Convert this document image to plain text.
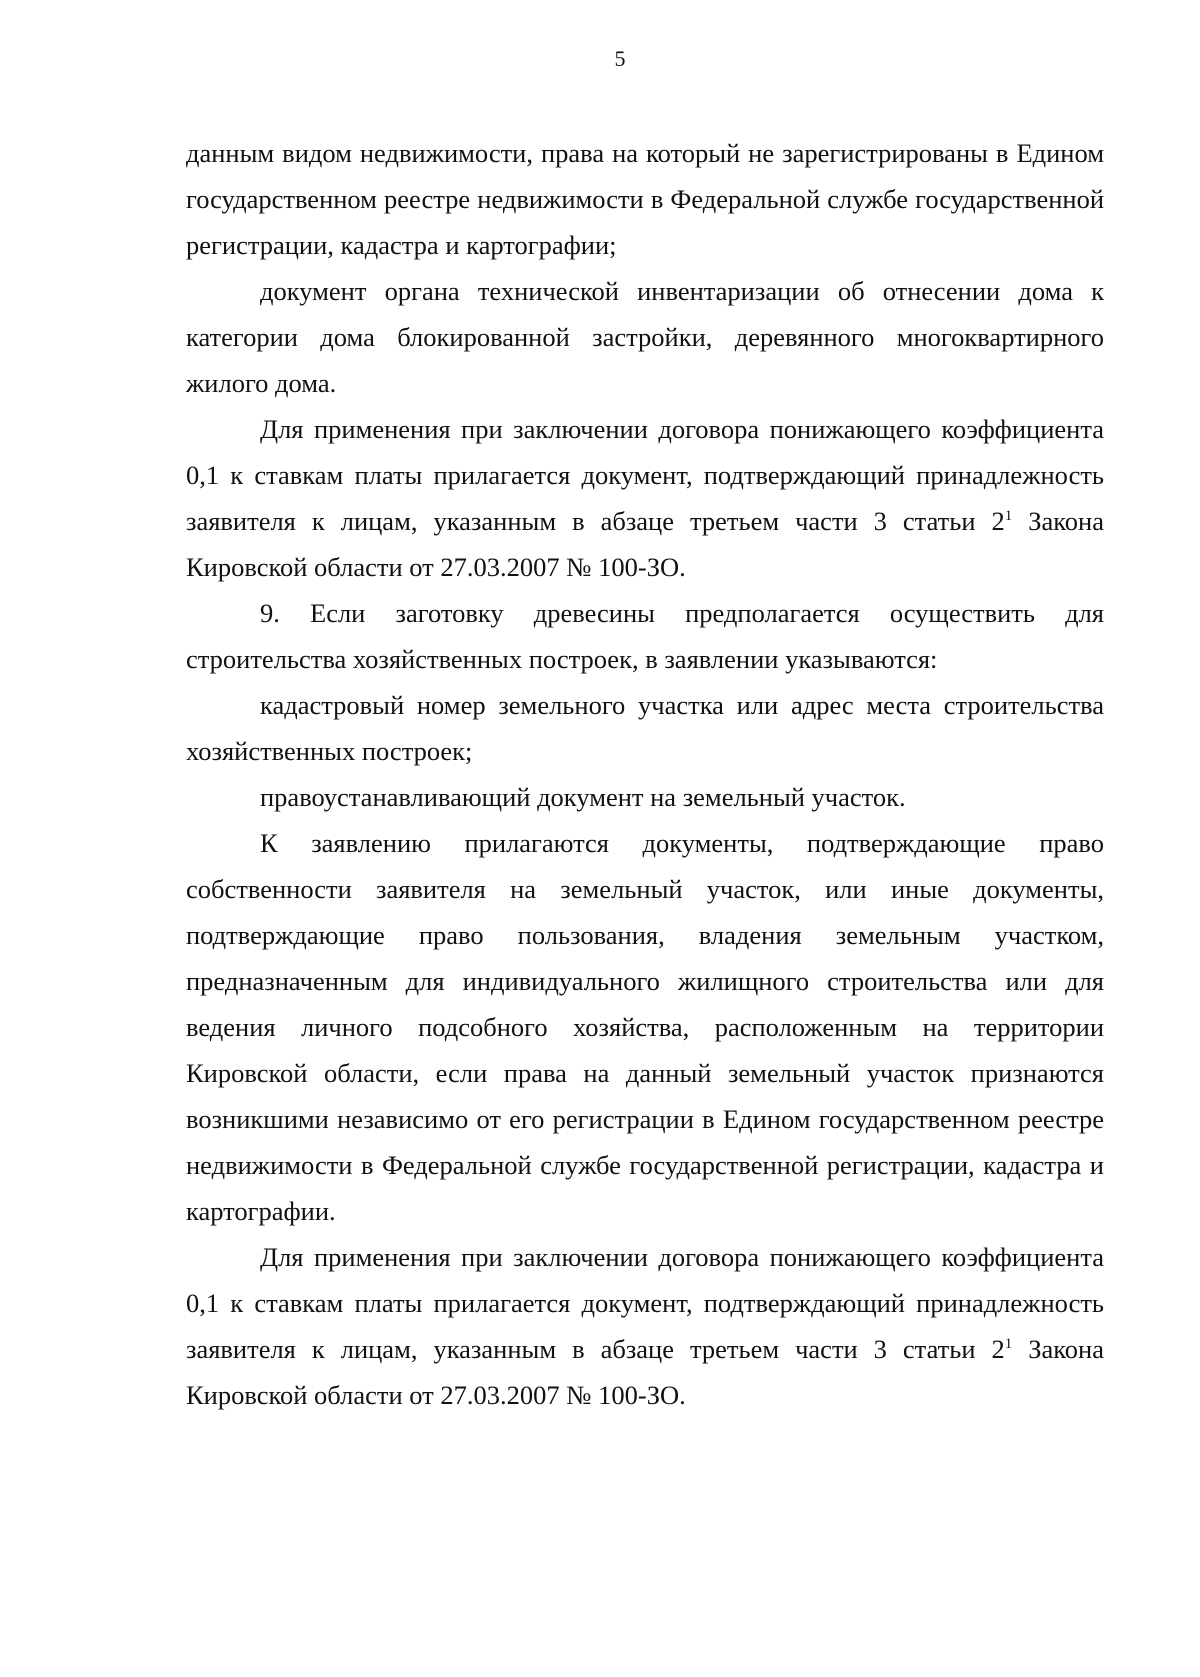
5

данным видом недвижимости, права на который не зарегистрированы в Едином государственном реестре недвижимости в Федеральной службе государственной регистрации, кадастра и картографии;

документ органа технической инвентаризации об отнесении дома к категории дома блокированной застройки, деревянного многоквартирного жилого дома.

Для применения при заключении договора понижающего коэффициента 0,1 к ставкам платы прилагается документ, подтверждающий принадлежность заявителя к лицам, указанным в абзаце третьем части 3 статьи $2^1$ Закона Кировской области от 27.03.2007 № 100-ЗО.

9. Если заготовку древесины предполагается осуществить для строительства хозяйственных построек, в заявлении указываются:

кадастровый номер земельного участка или адрес места строительства хозяйственных построек;

правоустанавливающий документ на земельный участок.

К заявлению прилагаются документы, подтверждающие право собственности заявителя на земельный участок, или иные документы, подтверждающие право пользования, владения земельным участком, предназначенным для индивидуального жилищного строительства или для ведения личного подсобного хозяйства, расположенным на территории Кировской области, если права на данный земельный участок признаются возникшими независимо от его регистрации в Едином государственном реестре недвижимости в Федеральной службе государственной регистрации, кадастра и картографии.

Для применения при заключении договора понижающего коэффициента 0,1 к ставкам платы прилагается документ, подтверждающий принадлежность заявителя к лицам, указанным в абзаце третьем части 3 статьи $2^1$ Закона Кировской области от 27.03.2007 № 100-ЗО.
